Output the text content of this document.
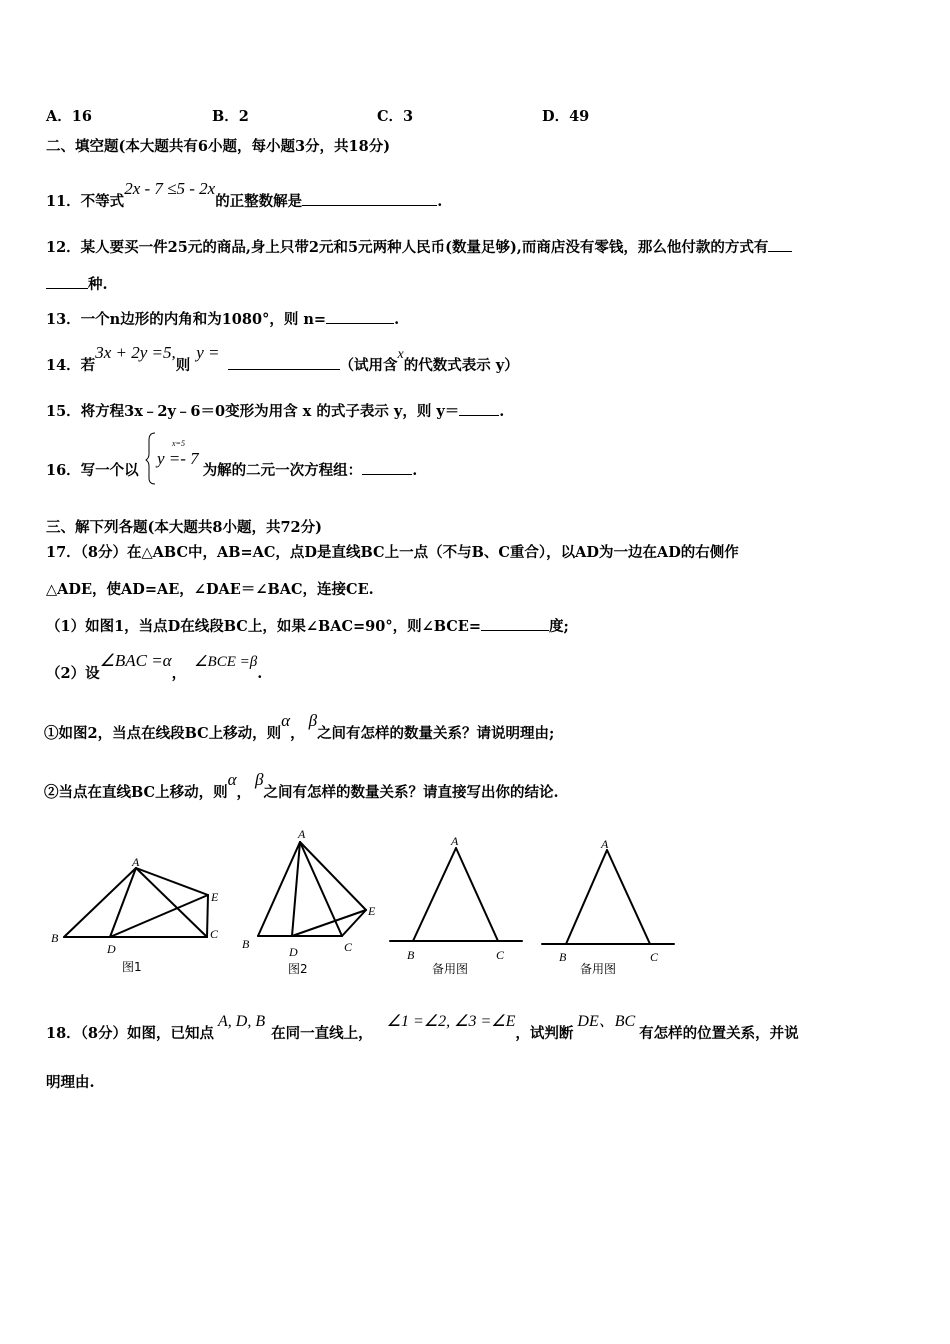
A．16	B．2	C．3	D．49
二、填空题(本大题共有6小题，每小题3分，共18分)
11．不等式2x - 7 ≤5 - 2x的正整数解是	.
12．某人要买一件25元的商品,身上只带2元和5元两种人民币(数量足够),而商店没有零钱，那么他付款的方式有
种.
13．一个n边形的内角和为1080°，则 n=	.
14．若3x + 2y =5,则y =（试用含x的代数式表示 y）
15．将方程3x﹣2y﹣6＝0变形为用含 x 的式子表示 y，则 y＝	.
16．写一个以	为解的二元一次方程组：	.
x=5
y =- 7
三、解下列各题(本大题共8小题，共72分)
17．（8分）在△ABC中，AB=AC，点D是直线BC上一点（不与B、C重合），以AD为一边在AD的右侧作
△ADE，使AD=AE，∠DAE＝∠BAC，连接CE.
（1）如图1，当点D在线段BC上，如果∠BAC=90°，则∠BCE=	度;
（2）设∠BAC =α，∠BCE =β.
①如图2，当点在线段BC上移动，则α，β之间有怎样的数量关系？请说明理由;
②当点在直线BC上移动，则α，β之间有怎样的数量关系？请直接写出你的结论.
A
B
D
C
E
图1
A
B
D	C
E
图2
A
B	C
备用图
A
B	C
备用图
18．（8分）如图，已知点A, D, B在同一直线上，∠1 =∠2, ∠3 =∠E，试判断DE、BC有怎样的位置关系，并说
明理由.
